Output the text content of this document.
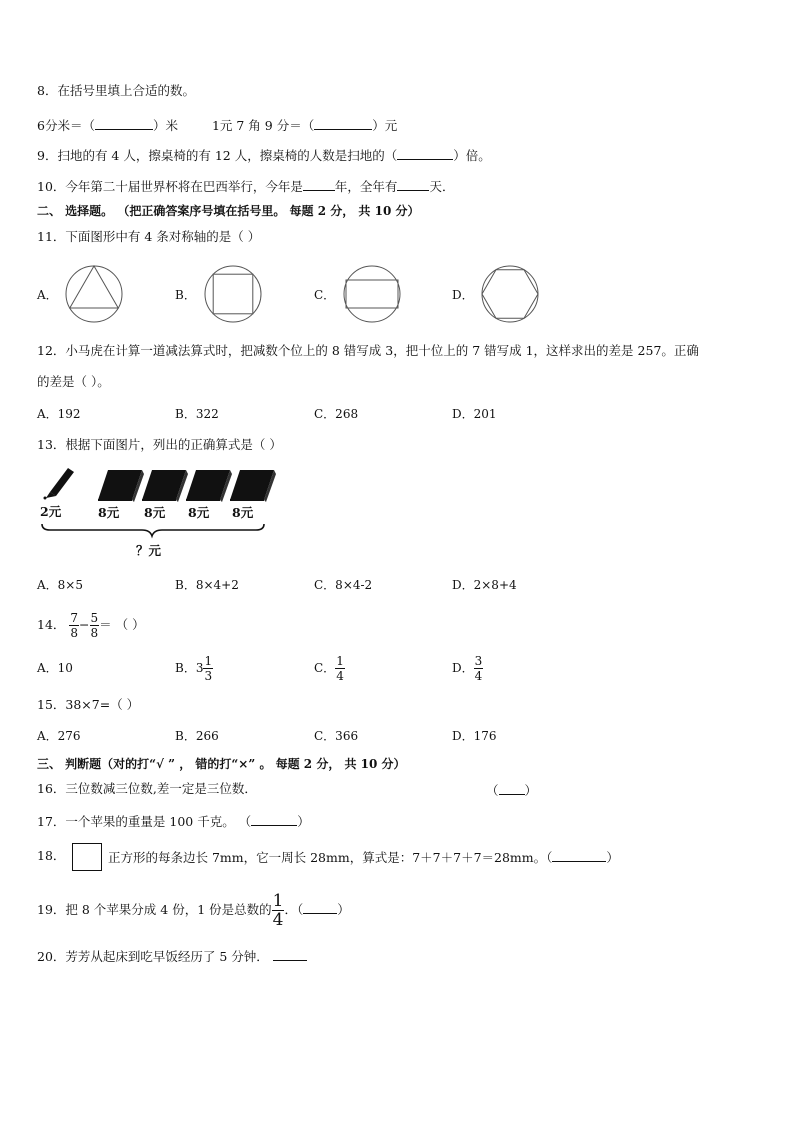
8．在括号里填上合适的数。
6分米＝（	）米	1元 7 角 9 分＝（	）元
9．扫地的有 4 人，擦桌椅的有 12 人，擦桌椅的人数是扫地的（	）倍。
10．今年第二十届世界杯将在巴西举行，今年是	年，全年有	天．
二、 选择题。 （把正确答案序号填在括号里。 每题 2 分， 共 10 分）
11．下面图形中有 4 条对称轴的是（ ）
A．	B．	C．	D．
12．小马虎在计算一道减法算式时，把减数个位上的 8 错写成 3，把十位上的 7 错写成 1，这样求出的差是 257。正确
的差是（ ）。
A．192	B．322	C．268	D．201
13．根据下面图片，列出的正确算式是（ ）
2元	8元 8元 8元 8元
？元
A．8×5	B．8×4+2	C．8×4-2	D．2×8+4
14． $\frac{7}{8} - \frac{5}{8}$ ＝ （ ）
A．10	B．$3 \frac{1}{3}$	C． $\frac{1}{4}$	D． $\frac{3}{4}$
15．38×7=（ ）
A．276	B．266	C．366	D．176
三、 判断题（对的打“√ ” ， 错的打“×” 。 每题 2 分， 共 10 分）
16．三位数减三位数,差一定是三位数．	（ ）
17．一个苹果的重量是 100 千克。 （	）
18．	正方形的每条边长 7mm，它一周长 28mm，算式是：7＋7＋7＋7＝28mm。（	）
19．把 8 个苹果分成 4 份，1 份是总数的 $\frac{1}{4}$ ．（	）
20．芳芳从起床到吃早饭经历了 5 分钟．
